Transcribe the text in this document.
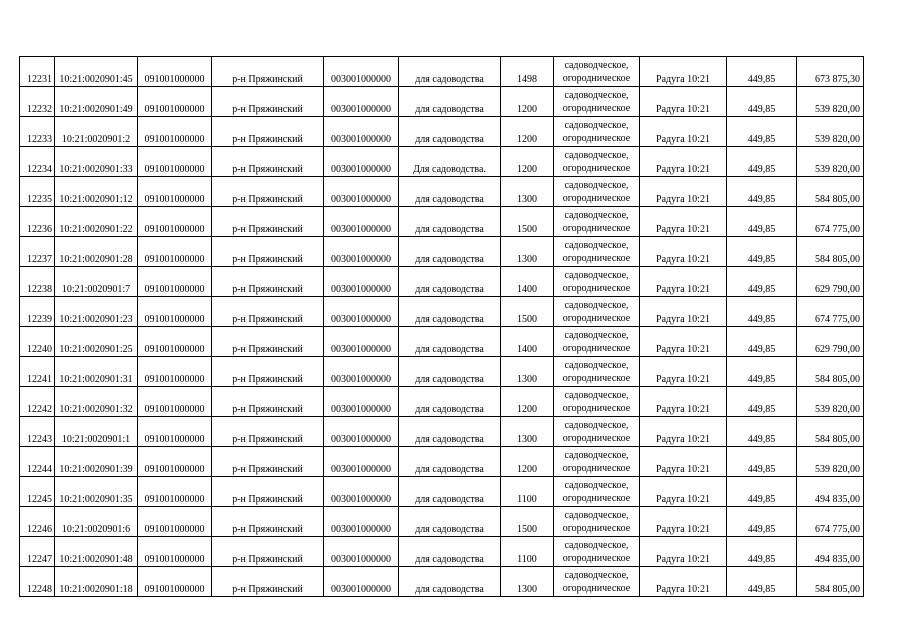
12231	10:21:0020901:45	091001000000	р-н Пряжинский	003001000000	для садоводства	1498	садоводческое,
огородническое	Радуга 10:21	449,85	673 875,30
12232	10:21:0020901:49	091001000000	р-н Пряжинский	003001000000	для садоводства	1200	садоводческое,
огородническое	Радуга 10:21	449,85	539 820,00
12233	10:21:0020901:2	091001000000	р-н Пряжинский	003001000000	для садоводства	1200	садоводческое,
огородническое	Радуга 10:21	449,85	539 820,00
12234	10:21:0020901:33	091001000000	р-н Пряжинский	003001000000	Для садоводства.	1200	садоводческое,
огородническое	Радуга 10:21	449,85	539 820,00
12235	10:21:0020901:12	091001000000	р-н Пряжинский	003001000000	для садоводства	1300	садоводческое,
огородническое	Радуга 10:21	449,85	584 805,00
12236	10:21:0020901:22	091001000000	р-н Пряжинский	003001000000	для садоводства	1500	садоводческое,
огородническое	Радуга 10:21	449,85	674 775,00
12237	10:21:0020901:28	091001000000	р-н Пряжинский	003001000000	для садоводства	1300	садоводческое,
огородническое	Радуга 10:21	449,85	584 805,00
12238	10:21:0020901:7	091001000000	р-н Пряжинский	003001000000	для садоводства	1400	садоводческое,
огородническое	Радуга 10:21	449,85	629 790,00
12239	10:21:0020901:23	091001000000	р-н Пряжинский	003001000000	для садоводства	1500	садоводческое,
огородническое	Радуга 10:21	449,85	674 775,00
12240	10:21:0020901:25	091001000000	р-н Пряжинский	003001000000	для садоводства	1400	садоводческое,
огородническое	Радуга 10:21	449,85	629 790,00
12241	10:21:0020901:31	091001000000	р-н Пряжинский	003001000000	для садоводства	1300	садоводческое,
огородническое	Радуга 10:21	449,85	584 805,00
12242	10:21:0020901:32	091001000000	р-н Пряжинский	003001000000	для садоводства	1200	садоводческое,
огородническое	Радуга 10:21	449,85	539 820,00
12243	10:21:0020901:1	091001000000	р-н Пряжинский	003001000000	для садоводства	1300	садоводческое,
огородническое	Радуга 10:21	449,85	584 805,00
12244	10:21:0020901:39	091001000000	р-н Пряжинский	003001000000	для садоводства	1200	садоводческое,
огородническое	Радуга 10:21	449,85	539 820,00
12245	10:21:0020901:35	091001000000	р-н Пряжинский	003001000000	для садоводства	1100	садоводческое,
огородническое	Радуга 10:21	449,85	494 835,00
12246	10:21:0020901:6	091001000000	р-н Пряжинский	003001000000	для садоводства	1500	садоводческое,
огородническое	Радуга 10:21	449,85	674 775,00
12247	10:21:0020901:48	091001000000	р-н Пряжинский	003001000000	для садоводства	1100	садоводческое,
огородническое	Радуга 10:21	449,85	494 835,00
12248	10:21:0020901:18	091001000000	р-н Пряжинский	003001000000	для садоводства	1300	садоводческое,
огородническое	Радуга 10:21	449,85	584 805,00
